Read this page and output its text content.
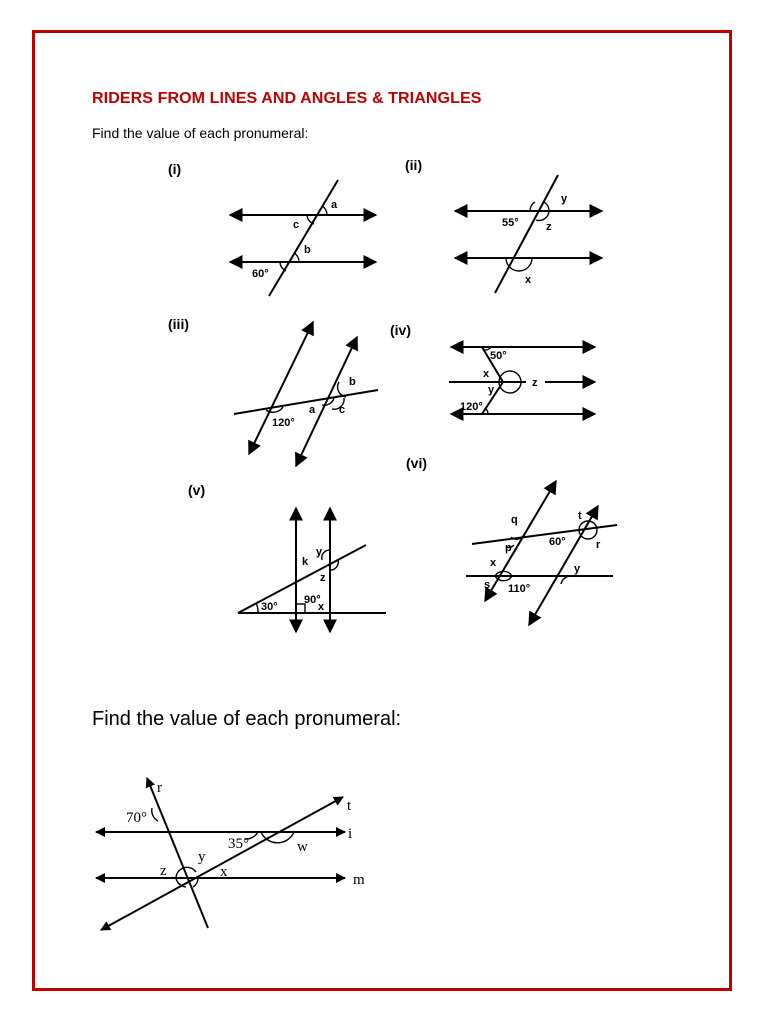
RIDERS FROM LINES AND ANGLES & TRIANGLES
Find the value of each pronumeral:
Find the value of each pronumeral:
(i)
a
c
b
60°
(ii)
y
55° z
x
(iii)
b
a c
120°
(iv)
50°
x
y
z
120°
(v)
k
y
z
30°
90°
x
(vi)
q	t
p	60°	r
x
s 110°
y
r
t
70°
i
35°	w
y
z	x	m
